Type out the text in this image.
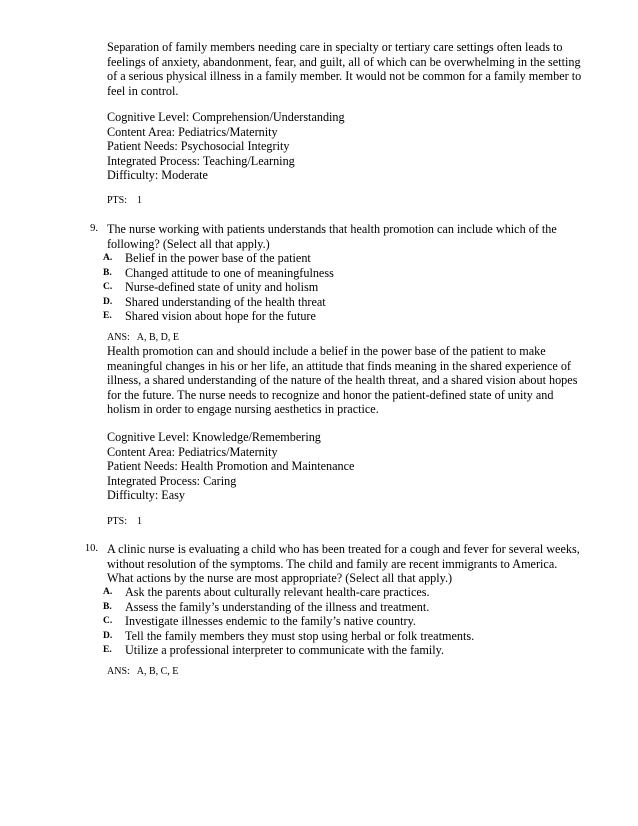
Separation of family members needing care in specialty or tertiary care settings often leads to feelings of anxiety, abandonment, fear, and guilt, all of which can be overwhelming in the setting of a serious physical illness in a family member. It would not be common for a family member to feel in control.
Cognitive Level: Comprehension/Understanding
Content Area: Pediatrics/Maternity
Patient Needs: Psychosocial Integrity
Integrated Process: Teaching/Learning
Difficulty: Moderate
PTS:    1
9. The nurse working with patients understands that health promotion can include which of the following? (Select all that apply.)
A. Belief in the power base of the patient
B. Changed attitude to one of meaningfulness
C. Nurse-defined state of unity and holism
D. Shared understanding of the health threat
E. Shared vision about hope for the future
ANS:   A, B, D, E
Health promotion can and should include a belief in the power base of the patient to make meaningful changes in his or her life, an attitude that finds meaning in the shared experience of illness, a shared understanding of the nature of the health threat, and a shared vision about hopes for the future. The nurse needs to recognize and honor the patient-defined state of unity and holism in order to engage nursing aesthetics in practice.
Cognitive Level: Knowledge/Remembering
Content Area: Pediatrics/Maternity
Patient Needs: Health Promotion and Maintenance
Integrated Process: Caring
Difficulty: Easy
PTS:    1
10. A clinic nurse is evaluating a child who has been treated for a cough and fever for several weeks, without resolution of the symptoms. The child and family are recent immigrants to America. What actions by the nurse are most appropriate? (Select all that apply.)
A. Ask the parents about culturally relevant health-care practices.
B. Assess the family’s understanding of the illness and treatment.
C. Investigate illnesses endemic to the family’s native country.
D. Tell the family members they must stop using herbal or folk treatments.
E. Utilize a professional interpreter to communicate with the family.
ANS:   A, B, C, E
